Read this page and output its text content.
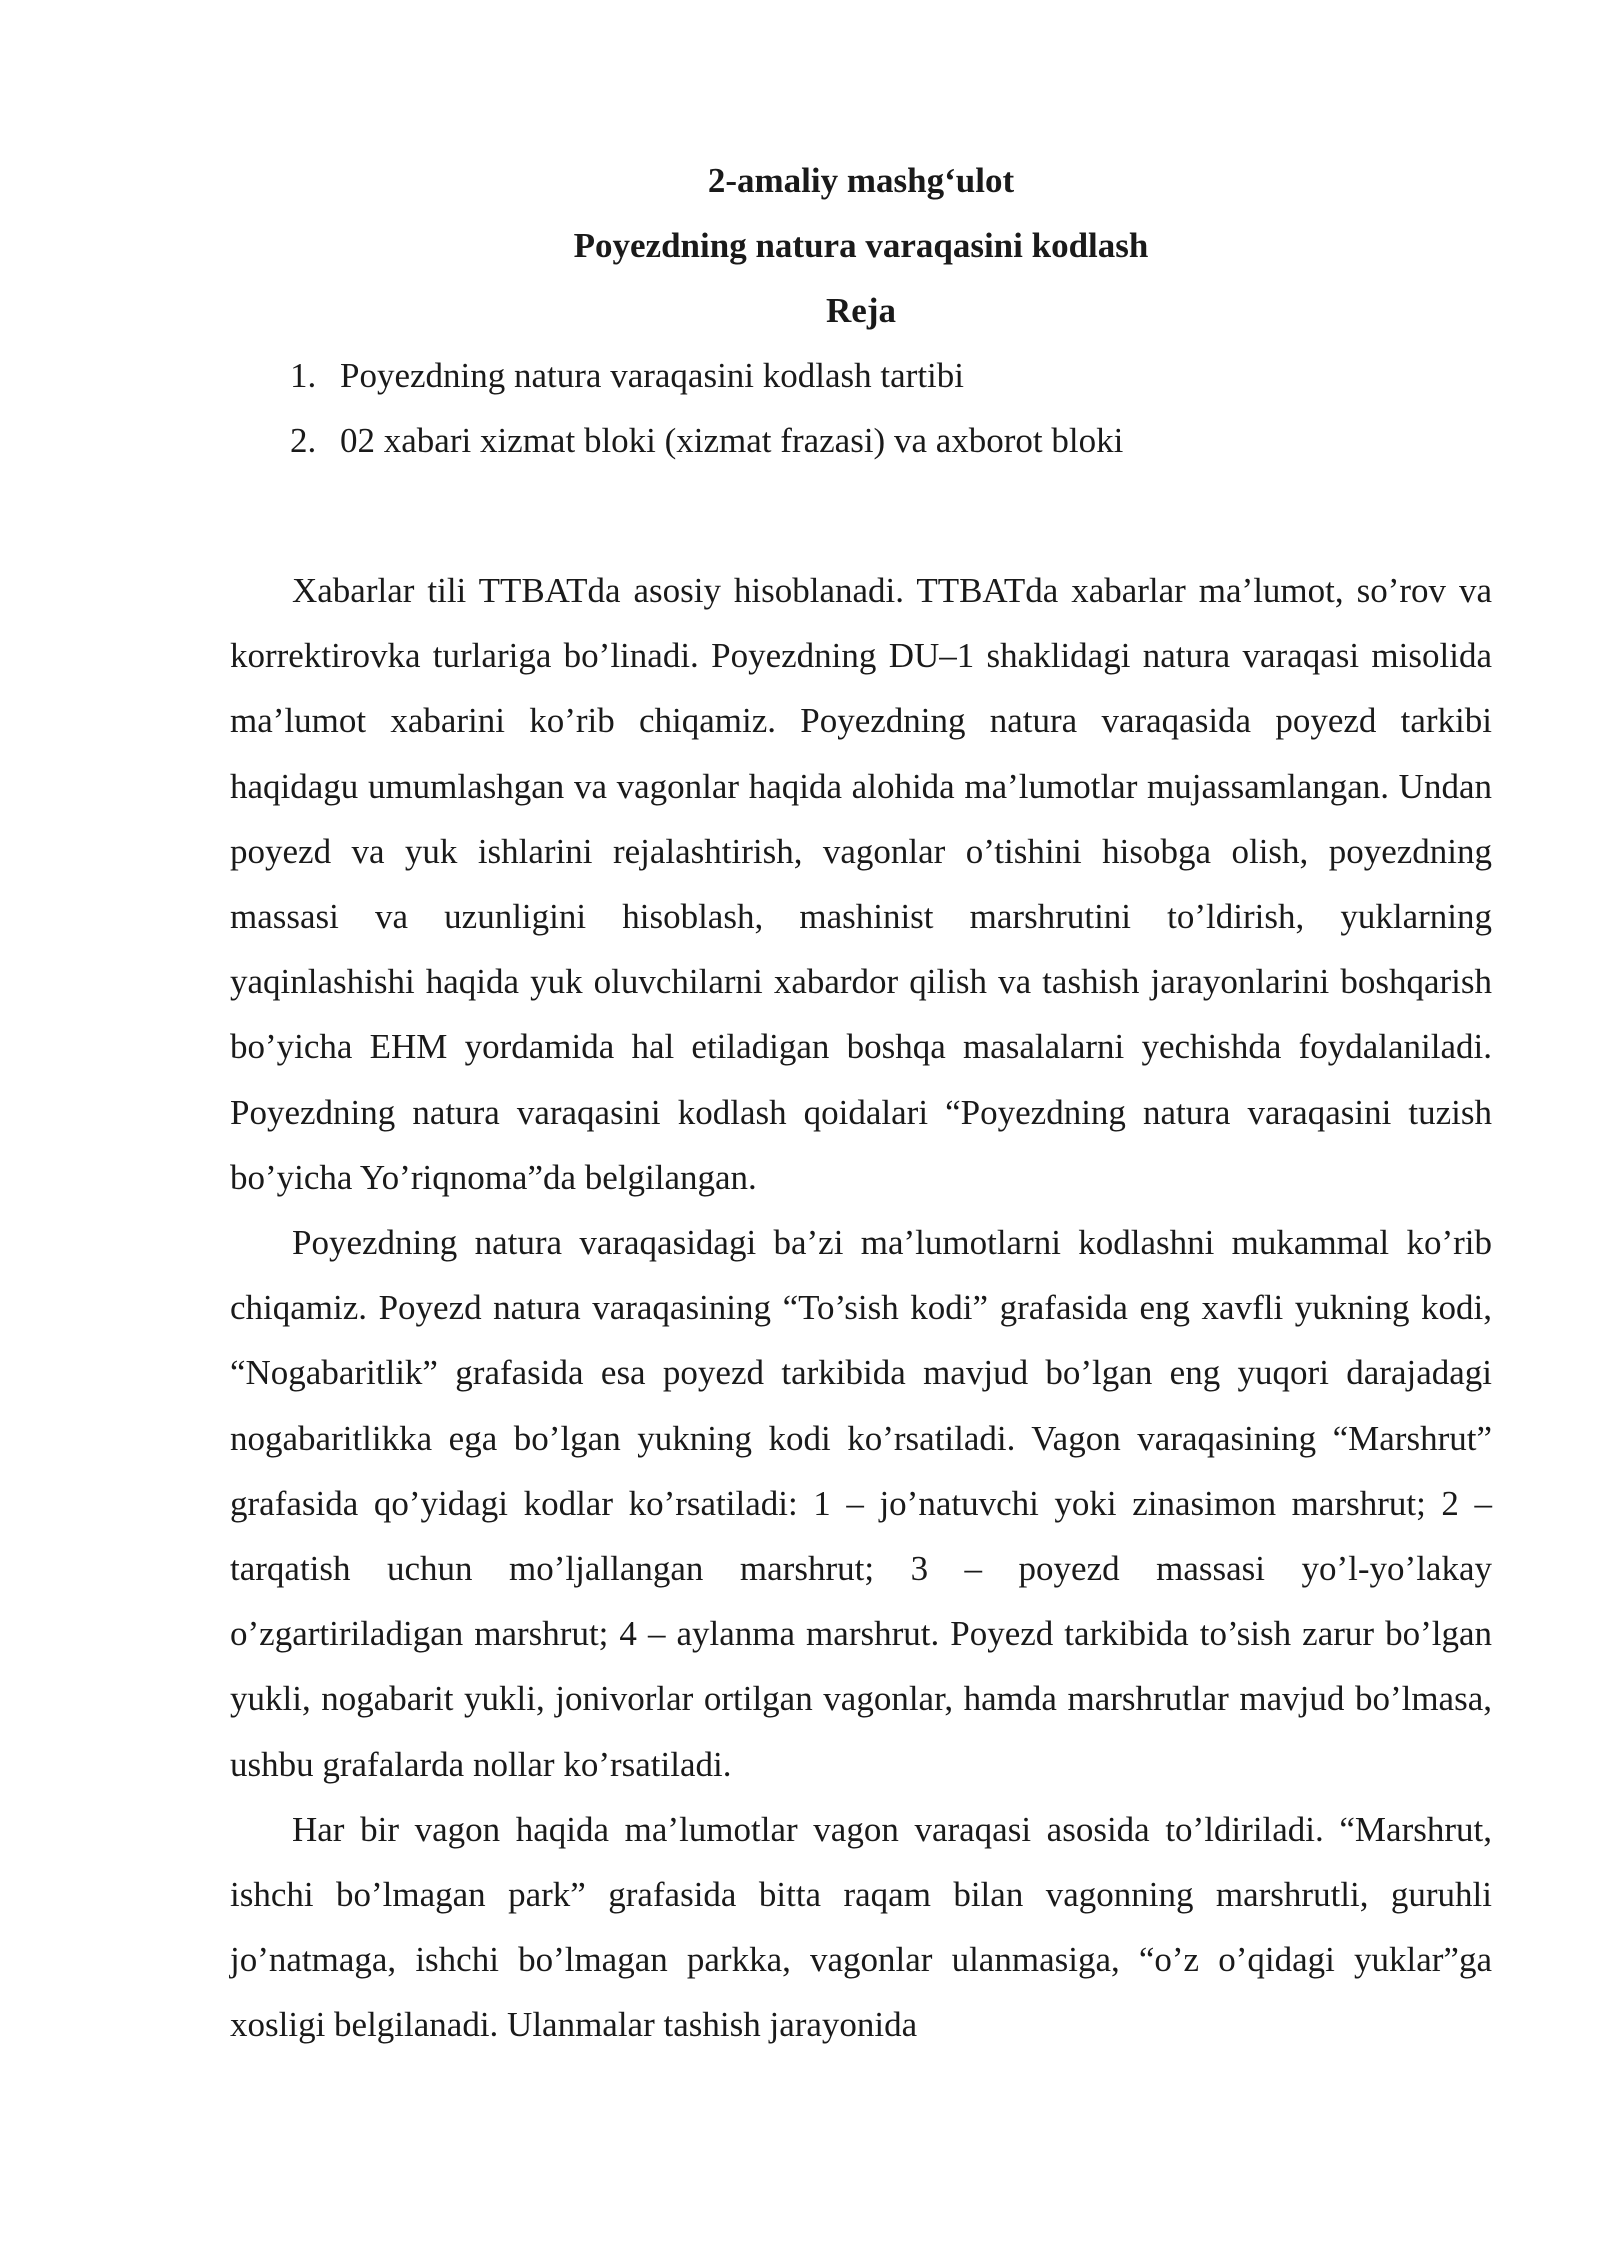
2-amaliy mashg‘ulot
Poyezdning natura varaqasini kodlash
Reja
1. Poyezdning natura varaqasini kodlash tartibi
2. 02 xabari xizmat bloki (xizmat frazasi) va axborot bloki

Xabarlar tili TTBATda asosiy hisoblanadi. TTBATda xabarlar ma’lumot, so’rov va korrektirovka turlariga bo’linadi. Poyezdning DU–1 shaklidagi natura varaqasi misolida ma’lumot xabarini ko’rib chiqamiz. Poyezdning natura varaqasida poyezd tarkibi haqidagu umumlashgan va vagonlar haqida alohida ma’lumotlar mujassamlangan. Undan poyezd va yuk ishlarini rejalashtirish, vagonlar o’tishini hisobga olish, poyezdning massasi va uzunligini hisoblash, mashinist marshrutini to’ldirish, yuklarning yaqinlashishi haqida yuk oluvchilarni xabardor qilish va tashish jarayonlarini boshqarish bo’yicha EHM yordamida hal etiladigan boshqa masalalarni yechishda foydalaniladi. Poyezdning natura varaqasini kodlash qoidalari “Poyezdning natura varaqasini tuzish bo’yicha Yo’riqnoma”da belgilangan.

Poyezdning natura varaqasidagi ba’zi ma’lumotlarni kodlashni mukammal ko’rib chiqamiz. Poyezd natura varaqasining “To’sish kodi” grafasida eng xavfli yukning kodi, “Nogabaritlik” grafasida esa poyezd tarkibida mavjud bo’lgan eng yuqori darajadagi nogabaritlikka ega bo’lgan yukning kodi ko’rsatiladi. Vagon varaqasining “Marshrut” grafasida qo’yidagi kodlar ko’rsatiladi: 1 – jo’natuvchi yoki zinasimon marshrut; 2 – tarqatish uchun mo’ljallangan marshrut; 3 – poyezd massasi yo’l-yo’lakay o’zgartiriladigan marshrut; 4 – aylanma marshrut. Poyezd tarkibida to’sish zarur bo’lgan yukli, nogabarit yukli, jonivorlar ortilgan vagonlar, hamda marshrutlar mavjud bo’lmasa, ushbu grafalarda nollar ko’rsatiladi.

Har bir vagon haqida ma’lumotlar vagon varaqasi asosida to’ldiriladi. “Marshrut, ishchi bo’lmagan park” grafasida bitta raqam bilan vagonning marshrutli, guruhli jo’natmaga, ishchi bo’lmagan parkka, vagonlar ulanmasiga, “o’z o’qidagi yuklar”ga xosligi belgilanadi. Ulanmalar tashish jarayonida
